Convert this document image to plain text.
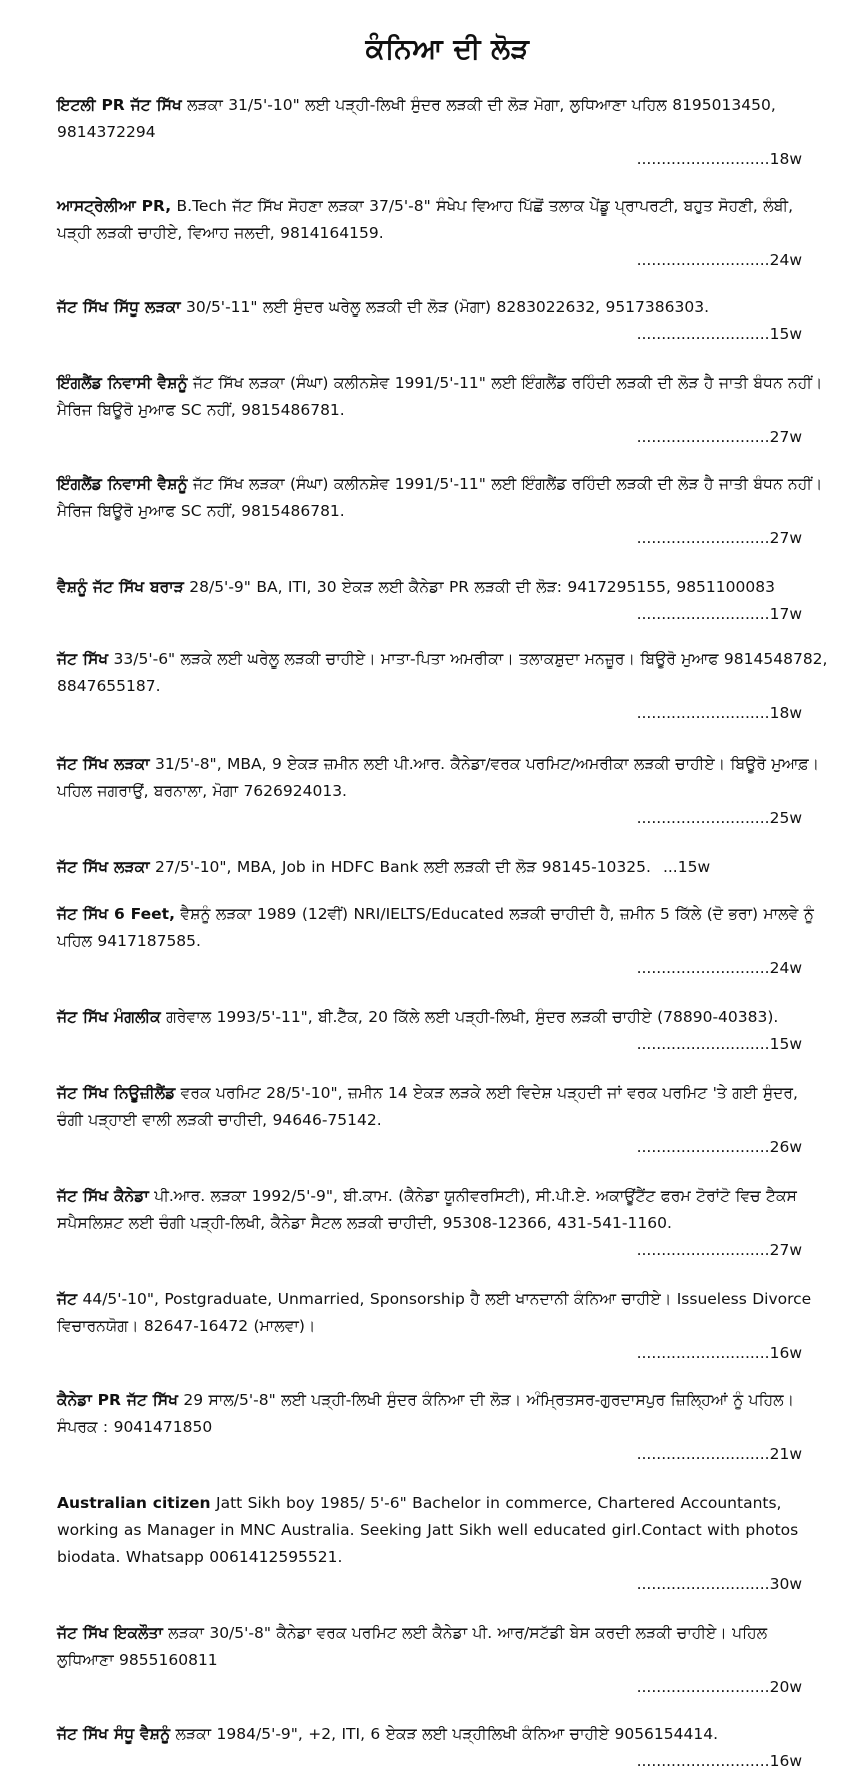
ਕੰਨਿਆ ਦੀ ਲੋੜ
ਇਟਲੀ PR ਜੱਟ ਸਿੱਖ ਲੜਕਾ 31/5'-10" ਲਈ ਪੜ੍ਹੀ-ਲਿਖੀ ਸੁੰਦਰ ਲੜਕੀ ਦੀ ਲੋੜ ਮੋਗਾ, ਲੁਧਿਆਣਾ ਪਹਿਲ 8195013450, 9814372294
...........................18w
ਆਸਟ੍ਰੇਲੀਆ PR, B.Tech ਜੱਟ ਸਿੱਖ ਸੋਹਣਾ ਲੜਕਾ 37/5'-8" ਸੰਖੇਪ ਵਿਆਹ ਪਿੱਛੋਂ ਤਲਾਕ ਪੇਂਡੂ ਪ੍ਰਾਪਰਟੀ, ਬਹੁਤ ਸੋਹਣੀ, ਲੰਬੀ, ਪੜ੍ਹੀ ਲੜਕੀ ਚਾਹੀਏ, ਵਿਆਹ ਜਲਦੀ, 9814164159.
...........................24w
ਜੱਟ ਸਿੱਖ ਸਿੱਧੂ ਲੜਕਾ 30/5'-11" ਲਈ ਸੁੰਦਰ ਘਰੇਲੂ ਲੜਕੀ ਦੀ ਲੋੜ (ਮੋਗਾ) 8283022632, 9517386303.
...........................15w
ਇੰਗਲੈਂਡ ਨਿਵਾਸੀ ਵੈਸ਼ਨੂੰ ਜੱਟ ਸਿੱਖ ਲੜਕਾ (ਸੰਘਾ) ਕਲੀਨਸ਼ੇਵ 1991/5'-11" ਲਈ ਇੰਗਲੈਂਡ ਰਹਿੰਦੀ ਲੜਕੀ ਦੀ ਲੋੜ ਹੈ ਜਾਤੀ ਬੰਧਨ ਨਹੀਂ। ਮੈਰਿਜ ਬਿਊਰੋ ਮੁਆਫ SC ਨਹੀਂ, 9815486781.
...........................27w
ਇੰਗਲੈਂਡ ਨਿਵਾਸੀ ਵੈਸ਼ਨੂੰ ਜੱਟ ਸਿੱਖ ਲੜਕਾ (ਸੰਘਾ) ਕਲੀਨਸ਼ੇਵ 1991/5'-11" ਲਈ ਇੰਗਲੈਂਡ ਰਹਿੰਦੀ ਲੜਕੀ ਦੀ ਲੋੜ ਹੈ ਜਾਤੀ ਬੰਧਨ ਨਹੀਂ। ਮੈਰਿਜ ਬਿਊਰੋ ਮੁਆਫ SC ਨਹੀਂ, 9815486781.
...........................27w
ਵੈਸ਼ਨੂੰ ਜੱਟ ਸਿੱਖ ਬਰਾੜ 28/5'-9" BA, ITI, 30 ਏਕੜ ਲਈ ਕੈਨੇਡਾ PR ਲੜਕੀ ਦੀ ਲੋੜ: 9417295155, 9851100083
...........................17w
ਜੱਟ ਸਿੱਖ 33/5'-6" ਲੜਕੇ ਲਈ ਘਰੇਲੂ ਲੜਕੀ ਚਾਹੀਏ। ਮਾਤਾ-ਪਿਤਾ ਅਮਰੀਕਾ। ਤਲਾਕਸ਼ੁਦਾ ਮਨਜ਼ੂਰ। ਬਿਊਰੋ ਮੁਆਫ 9814548782, 8847655187.
...........................18w
ਜੱਟ ਸਿੱਖ ਲੜਕਾ 31/5'-8", MBA, 9 ਏਕੜ ਜ਼ਮੀਨ ਲਈ ਪੀ.ਆਰ. ਕੈਨੇਡਾ/ਵਰਕ ਪਰਮਿਟ/ਅਮਰੀਕਾ ਲੜਕੀ ਚਾਹੀਏ। ਬਿਊਰੋ ਮੁਆਫ਼। ਪਹਿਲ ਜਗਰਾਉਂ, ਬਰਨਾਲਾ, ਮੋਗਾ 7626924013.
...........................25w
ਜੱਟ ਸਿੱਖ ਲੜਕਾ 27/5'-10", MBA, Job in HDFC Bank ਲਈ ਲੜਕੀ ਦੀ ਲੋੜ 98145-10325. ...15w
ਜੱਟ ਸਿੱਖ 6 Feet, ਵੈਸ਼ਨੂੰ ਲੜਕਾ 1989 (12ਵੀਂ) NRI/IELTS/Educated ਲੜਕੀ ਚਾਹੀਦੀ ਹੈ, ਜ਼ਮੀਨ 5 ਕਿੱਲੇ (ਦੋ ਭਰਾ) ਮਾਲਵੇ ਨੂੰ ਪਹਿਲ 9417187585.
...........................24w
ਜੱਟ ਸਿੱਖ ਮੰਗਲੀਕ ਗਰੇਵਾਲ 1993/5'-11", ਬੀ.ਟੈੱਕ, 20 ਕਿੱਲੇ ਲਈ ਪੜ੍ਹੀ-ਲਿਖੀ, ਸੁੰਦਰ ਲੜਕੀ ਚਾਹੀਏ (78890-40383).
...........................15w
ਜੱਟ ਸਿੱਖ ਨਿਊਜ਼ੀਲੈਂਡ ਵਰਕ ਪਰਮਿਟ 28/5'-10", ਜ਼ਮੀਨ 14 ਏਕੜ ਲੜਕੇ ਲਈ ਵਿਦੇਸ਼ ਪੜ੍ਹਦੀ ਜਾਂ ਵਰਕ ਪਰਮਿਟ 'ਤੇ ਗਈ ਸੁੰਦਰ, ਚੰਗੀ ਪੜ੍ਹਾਈ ਵਾਲੀ ਲੜਕੀ ਚਾਹੀਦੀ, 94646-75142.
...........................26w
ਜੱਟ ਸਿੱਖ ਕੈਨੇਡਾ ਪੀ.ਆਰ. ਲੜਕਾ 1992/5'-9", ਬੀ.ਕਾਮ. (ਕੈਨੇਡਾ ਯੂਨੀਵਰਸਿਟੀ), ਸੀ.ਪੀ.ਏ. ਅਕਾਊਂਟੈਂਟ ਫਰਮ ਟੋਰਾਂਟੋ ਵਿਚ ਟੈਕਸ ਸਪੈਸਲਿਸ਼ਟ ਲਈ ਚੰਗੀ ਪੜ੍ਹੀ-ਲਿਖੀ, ਕੈਨੇਡਾ ਸੈਟਲ ਲੜਕੀ ਚਾਹੀਦੀ, 95308-12366, 431-541-1160.
...........................27w
ਜੱਟ 44/5'-10", Postgraduate, Unmarried, Sponsorship ਹੈ ਲਈ ਖਾਨਦਾਨੀ ਕੰਨਿਆ ਚਾਹੀਏ। Issueless Divorce ਵਿਚਾਰਨਯੋਗ। 82647-16472 (ਮਾਲਵਾ)।
...........................16w
ਕੈਨੇਡਾ PR ਜੱਟ ਸਿੱਖ 29 ਸਾਲ/5'-8" ਲਈ ਪੜ੍ਹੀ-ਲਿਖੀ ਸੁੰਦਰ ਕੰਨਿਆ ਦੀ ਲੋੜ। ਅੰਮ੍ਰਿਤਸਰ-ਗੁਰਦਾਸਪੁਰ ਜ਼ਿਲ੍ਹਿਆਂ ਨੂੰ ਪਹਿਲ। ਸੰਪਰਕ : 9041471850
...........................21w
Australian citizen Jatt Sikh boy 1985/ 5'-6" Bachelor in commerce, Chartered Accountants, working as Manager in MNC Australia. Seeking Jatt Sikh well educated girl.Contact with photos biodata. Whatsapp 0061412595521.
...........................30w
ਜੱਟ ਸਿੱਖ ਇਕਲੌਤਾ ਲੜਕਾ 30/5'-8" ਕੈਨੇਡਾ ਵਰਕ ਪਰਮਿਟ ਲਈ ਕੈਨੇਡਾ ਪੀ. ਆਰ/ਸਟੱਡੀ ਬੇਸ ਕਰਦੀ ਲੜਕੀ ਚਾਹੀਏ। ਪਹਿਲ ਲੁਧਿਆਣਾ 9855160811
...........................20w
ਜੱਟ ਸਿੱਖ ਸੰਧੂ ਵੈਸ਼ਨੂੰ ਲੜਕਾ 1984/5'-9", +2, ITI, 6 ਏਕੜ ਲਈ ਪੜ੍ਹੀਲਿਖੀ ਕੰਨਿਆ ਚਾਹੀਏ 9056154414.
...........................16w
